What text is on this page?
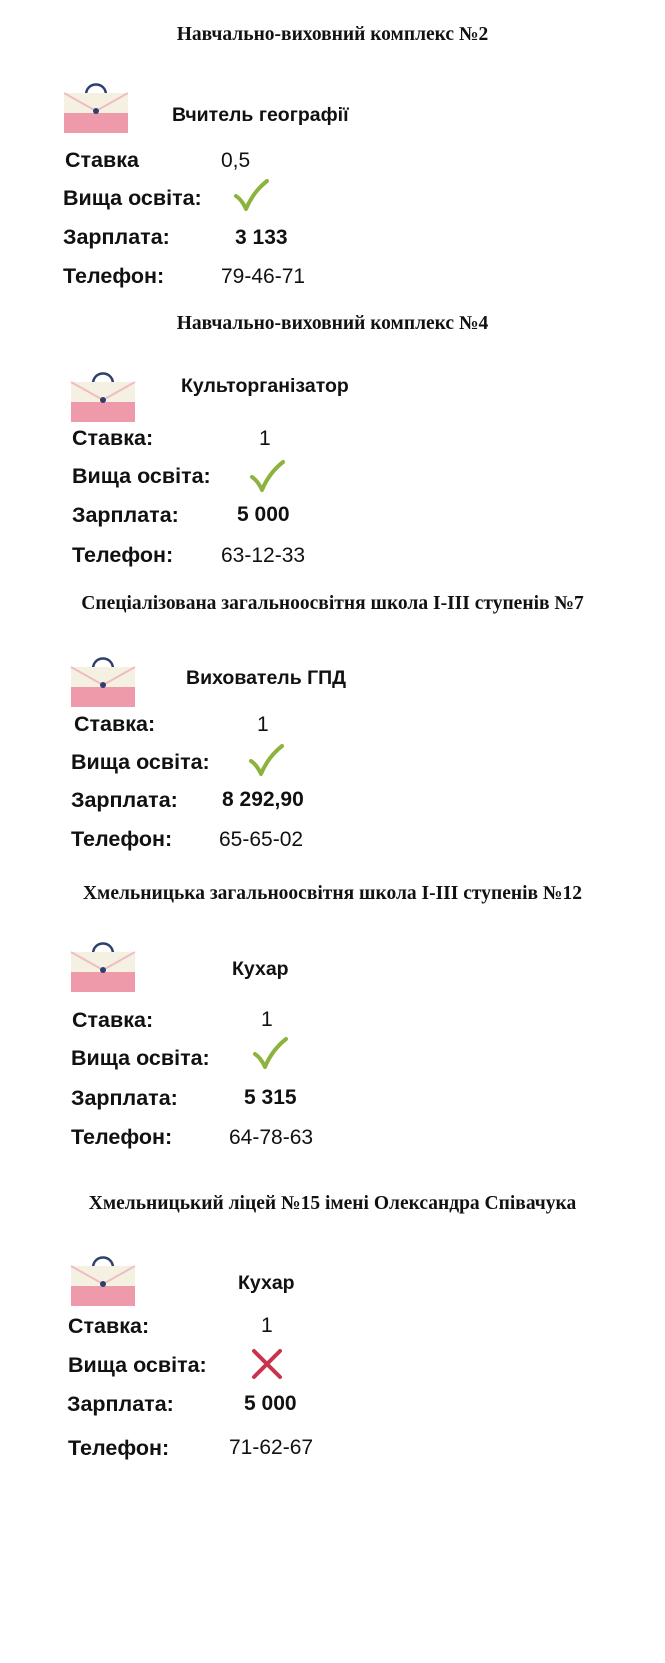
Навчально-виховний комплекс №2
Вчитель географії
Ставка	0,5
Вища освіта:
Зарплата:	3 133
Телефон:	79-46-71
Навчально-виховний комплекс №4
Культорганізатор
Ставка:	1
Вища освіта:
Зарплата:	5 000
Телефон: 63-12-33
Спеціалізована загальноосвітня школа І-ІІІ ступенів №7
Вихователь ГПД
Ставка:	1
Вища освіта:
Зарплата: 8 292,90
Телефон: 65-65-02
Хмельницька загальноосвітня школа І-ІІІ ступенів №12
Кухар
Ставка:	1
Вища освіта:
Зарплата:	5 315
Телефон:	64-78-63
Хмельницький ліцей №15 імені Олександра Співачука
Кухар
Ставка:	1
Вища освіта:
Зарплата:	5 000
Телефон:	71-62-67
